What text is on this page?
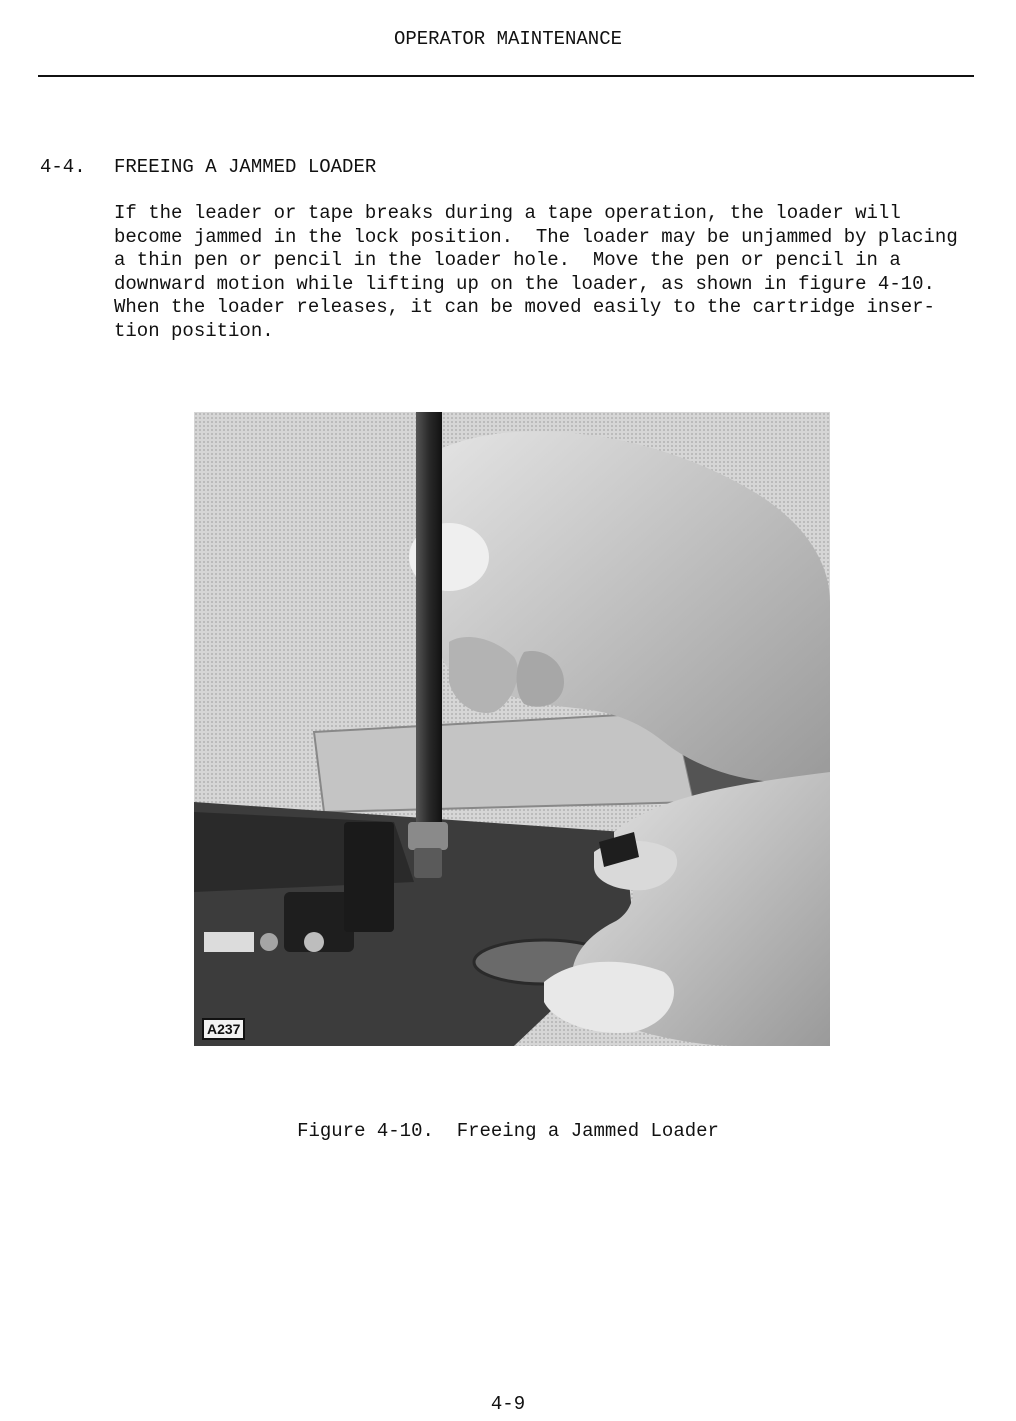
OPERATOR MAINTENANCE
4-4. FREEING A JAMMED LOADER
If the leader or tape breaks during a tape operation, the loader will
become jammed in the lock position.  The loader may be unjammed by placing
a thin pen or pencil in the loader hole.  Move the pen or pencil in a
downward motion while lifting up on the loader, as shown in figure 4-10.
When the loader releases, it can be moved easily to the cartridge inser-
tion position.
A237
Figure 4-10.  Freeing a Jammed Loader
4-9
